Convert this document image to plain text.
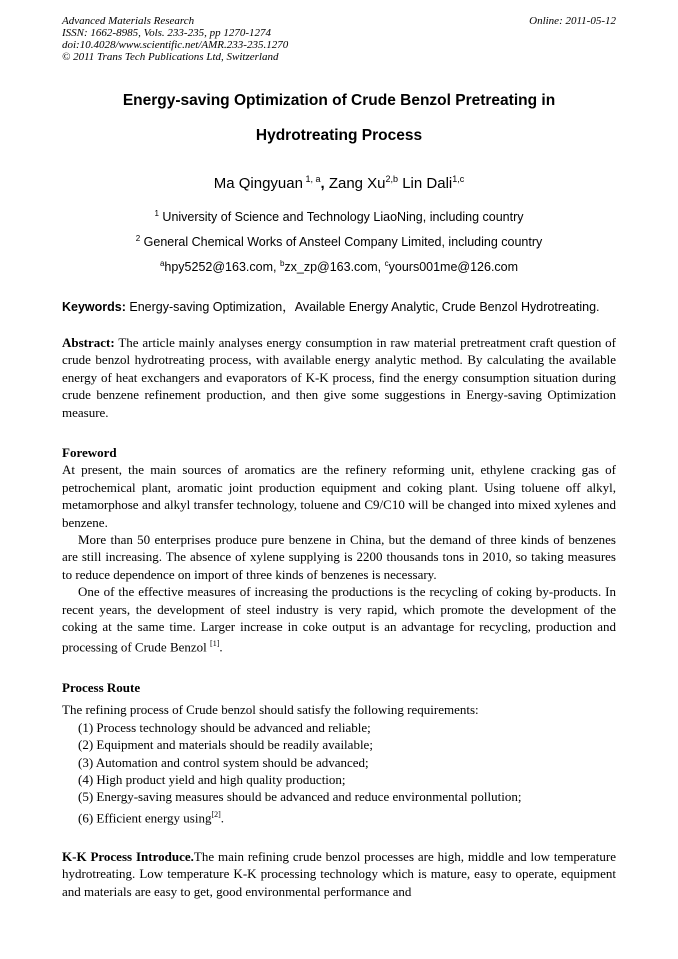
Advanced Materials Research
ISSN: 1662-8985, Vols. 233-235, pp 1270-1274
doi:10.4028/www.scientific.net/AMR.233-235.1270
© 2011 Trans Tech Publications Ltd, Switzerland
Online: 2011-05-12
Energy-saving Optimization of Crude Benzol Pretreating in
Hydrotreating Process
Ma Qingyuan $^{1, a}$, Zang Xu$^{2,b}$ Lin Dali$^{1,c}$
$^1$ University of Science and Technology LiaoNing, including country
$^2$ General Chemical Works of Ansteel Company Limited, including country
$^a$hpy5252@163.com, $^b$zx_zp@163.com, $^c$yours001me@126.com
Keywords: Energy-saving Optimization，Available Energy Analytic, Crude Benzol Hydrotreating.
Abstract: The article mainly analyses energy consumption in raw material pretreatment craft question of crude benzol hydrotreating process, with available energy analytic method. By calculating the available energy of heat exchangers and evaporators of K-K process, find the energy consumption situation during crude benzene refinement production, and then give some suggestions in Energy-saving Optimization measure.
Foreword
At present, the main sources of aromatics are the refinery reforming unit, ethylene cracking gas of petrochemical plant, aromatic joint production equipment and coking plant. Using toluene off alkyl, metamorphose and alkyl transfer technology, toluene and C9/C10 will be changed into mixed xylenes and benzene.
More than 50 enterprises produce pure benzene in China, but the demand of three kinds of benzenes are still increasing. The absence of xylene supplying is 2200 thousands tons in 2010, so taking measures to reduce dependence on import of three kinds of benzenes is necessary.
One of the effective measures of increasing the productions is the recycling of coking by-products. In recent years, the development of steel industry is very rapid, which promote the development of the coking at the same time. Larger increase in coke output is an advantage for recycling, production and processing of Crude Benzol [1].
Process Route
The refining process of Crude benzol should satisfy the following requirements:
(1) Process technology should be advanced and reliable;
(2) Equipment and materials should be readily available;
(3) Automation and control system should be advanced;
(4) High product yield and high quality production;
(5) Energy-saving measures should be advanced and reduce environmental pollution;
(6) Efficient energy using[2].
K-K Process Introduce.The main refining crude benzol processes are high, middle and low temperature hydrotreating. Low temperature K-K processing technology which is mature, easy to operate, equipment and materials are easy to get, good environmental performance and
